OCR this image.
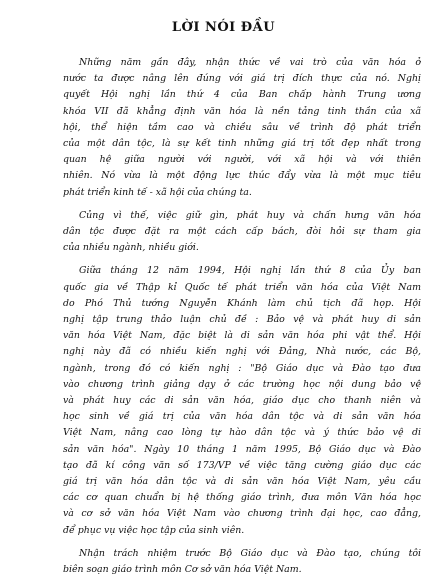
LỜI NÓI ĐẦU

Những năm gần đây, nhận thức về vai trò của văn hóa ở
nước ta được nâng lên đúng với giá trị đích thực của nó. Nghị
quyết Hội nghị lần thứ 4 của Ban chấp hành Trung ương
khóa VII đã khẳng định văn hóa là nền tảng tinh thần của xã
hội, thể hiện tầm cao và chiều sâu về trình độ phát triển
của một dân tộc, là sự kết tinh những giá trị tốt đẹp nhất trong
quan hệ giữa người với người, với xã hội và với thiên
nhiên. Nó vừa là một động lực thúc đẩy vừa là một mục tiêu
phát triển kinh tế - xã hội của chúng ta.

Củng vì thế, việc giữ gìn, phát huy và chấn hưng văn hóa
dân tộc được đặt ra một cách cấp bách, đòi hỏi sự tham gia
của nhiều ngành, nhiều giới.

Giữa tháng 12 năm 1994, Hội nghị lần thứ 8 của Ủy ban
quốc gia về Thập kỉ Quốc tế phát triển văn hóa của Việt Nam
do Phó Thủ tướng Nguyễn Khánh làm chủ tịch đã họp. Hội
nghị tập trung thảo luận chủ đề : Bảo vệ và phát huy di sản
văn hóa Việt Nam, đặc biệt là di sản văn hóa phi vật thể. Hội
nghị này đã có nhiều kiến nghị với Đảng, Nhà nước, các Bộ,
ngành, trong đó có kiến nghị : "Bộ Giáo dục và Đào tạo đưa
vào chương trình giảng dạy ở các trường học nội dung bảo vệ
và phát huy các di sản văn hóa, giáo dục cho thanh niên và
học sinh về giá trị của văn hóa dân tộc và di sản văn hóa
Việt Nam, nâng cao lòng tự hào dân tộc và ý thức bảo vệ di
sản văn hóa". Ngày 10 tháng 1 năm 1995, Bộ Giáo dục và Đào
tạo đã kí công văn số 173/VP về việc tăng cường giáo dục các
giá trị văn hóa dân tộc và di sản văn hóa Việt Nam, yêu cầu
các cơ quan chuẩn bị hệ thống giáo trình, đưa môn Văn hóa học
và cơ sở văn hóa Việt Nam vào chương trình đại học, cao đẳng,
để phục vụ việc học tập của sinh viên.

Nhận trách nhiệm trước Bộ Giáo dục và Đào tạo, chúng tôi
biên soạn giáo trình môn Cơ sở văn hóa Việt Nam.
